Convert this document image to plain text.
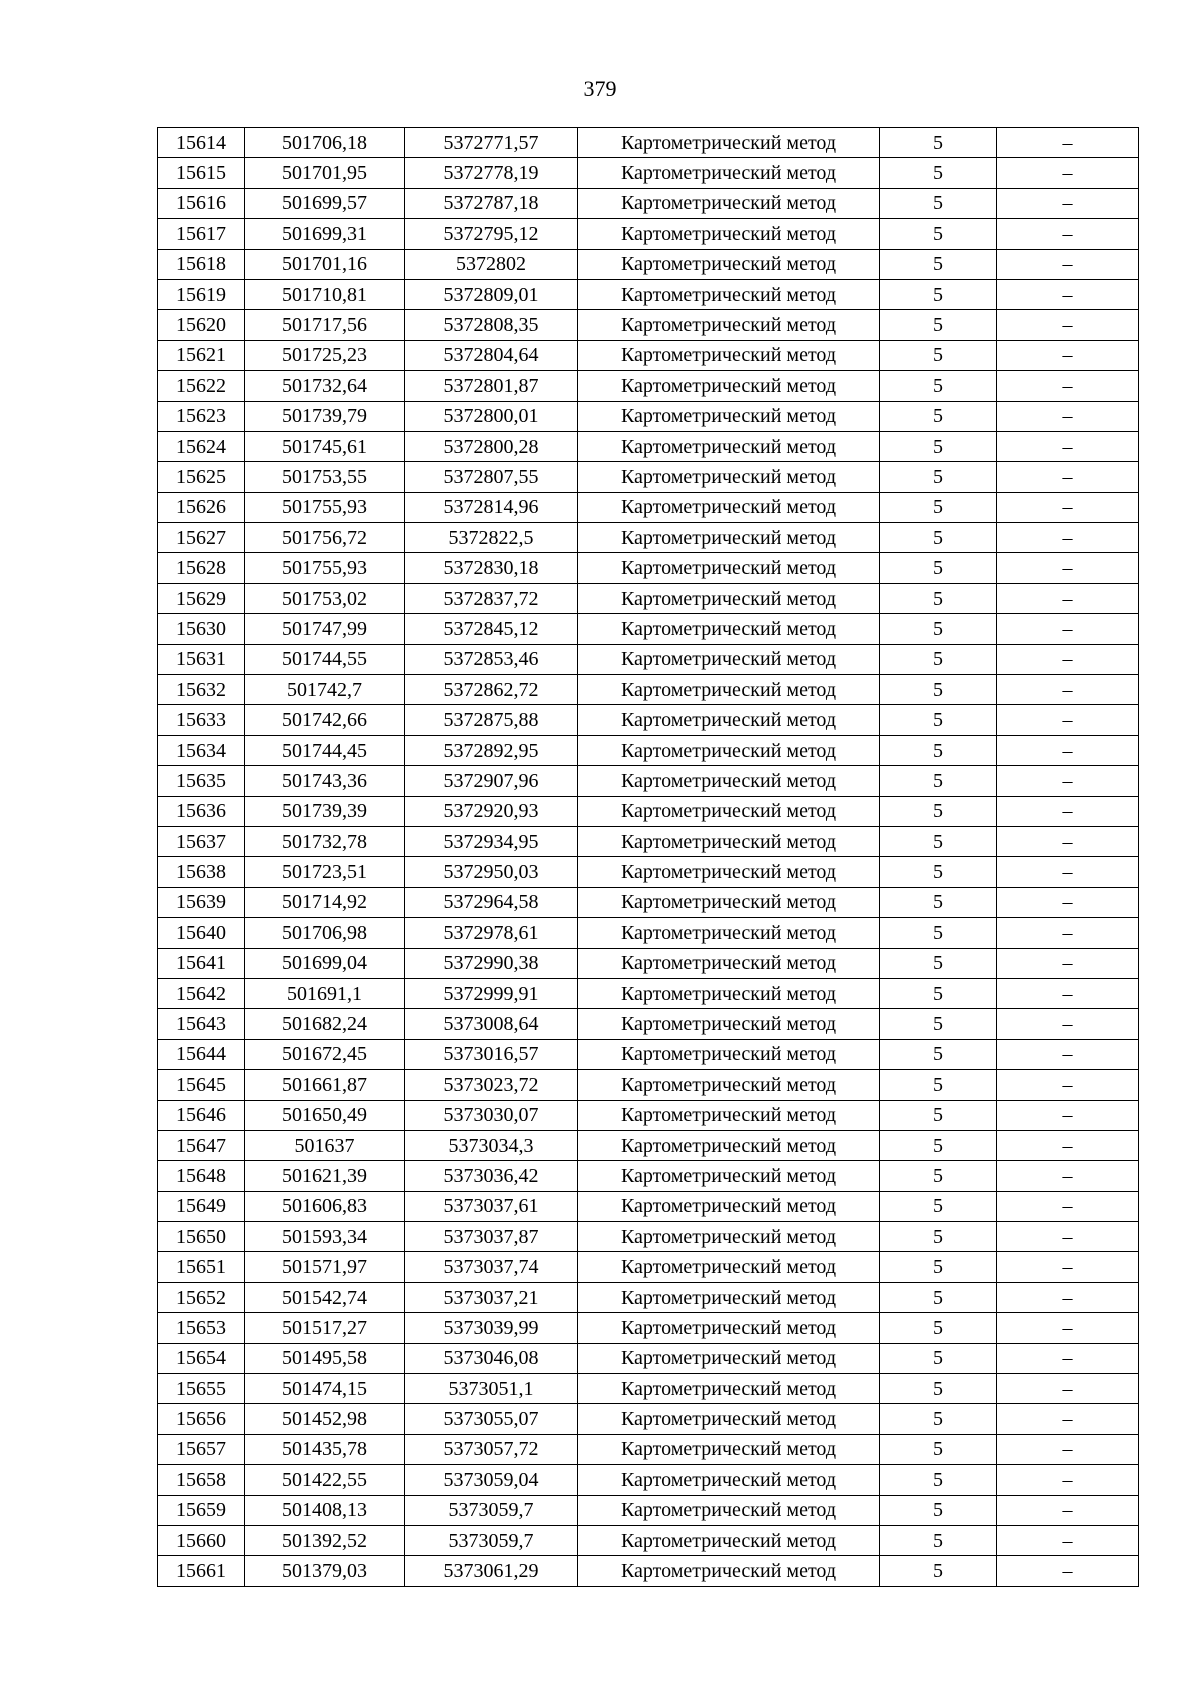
379
15614	501706,18	5372771,57	Картометрический метод	5	–
15615	501701,95	5372778,19	Картометрический метод	5	–
15616	501699,57	5372787,18	Картометрический метод	5	–
15617	501699,31	5372795,12	Картометрический метод	5	–
15618	501701,16	5372802	Картометрический метод	5	–
15619	501710,81	5372809,01	Картометрический метод	5	–
15620	501717,56	5372808,35	Картометрический метод	5	–
15621	501725,23	5372804,64	Картометрический метод	5	–
15622	501732,64	5372801,87	Картометрический метод	5	–
15623	501739,79	5372800,01	Картометрический метод	5	–
15624	501745,61	5372800,28	Картометрический метод	5	–
15625	501753,55	5372807,55	Картометрический метод	5	–
15626	501755,93	5372814,96	Картометрический метод	5	–
15627	501756,72	5372822,5	Картометрический метод	5	–
15628	501755,93	5372830,18	Картометрический метод	5	–
15629	501753,02	5372837,72	Картометрический метод	5	–
15630	501747,99	5372845,12	Картометрический метод	5	–
15631	501744,55	5372853,46	Картометрический метод	5	–
15632	501742,7	5372862,72	Картометрический метод	5	–
15633	501742,66	5372875,88	Картометрический метод	5	–
15634	501744,45	5372892,95	Картометрический метод	5	–
15635	501743,36	5372907,96	Картометрический метод	5	–
15636	501739,39	5372920,93	Картометрический метод	5	–
15637	501732,78	5372934,95	Картометрический метод	5	–
15638	501723,51	5372950,03	Картометрический метод	5	–
15639	501714,92	5372964,58	Картометрический метод	5	–
15640	501706,98	5372978,61	Картометрический метод	5	–
15641	501699,04	5372990,38	Картометрический метод	5	–
15642	501691,1	5372999,91	Картометрический метод	5	–
15643	501682,24	5373008,64	Картометрический метод	5	–
15644	501672,45	5373016,57	Картометрический метод	5	–
15645	501661,87	5373023,72	Картометрический метод	5	–
15646	501650,49	5373030,07	Картометрический метод	5	–
15647	501637	5373034,3	Картометрический метод	5	–
15648	501621,39	5373036,42	Картометрический метод	5	–
15649	501606,83	5373037,61	Картометрический метод	5	–
15650	501593,34	5373037,87	Картометрический метод	5	–
15651	501571,97	5373037,74	Картометрический метод	5	–
15652	501542,74	5373037,21	Картометрический метод	5	–
15653	501517,27	5373039,99	Картометрический метод	5	–
15654	501495,58	5373046,08	Картометрический метод	5	–
15655	501474,15	5373051,1	Картометрический метод	5	–
15656	501452,98	5373055,07	Картометрический метод	5	–
15657	501435,78	5373057,72	Картометрический метод	5	–
15658	501422,55	5373059,04	Картометрический метод	5	–
15659	501408,13	5373059,7	Картометрический метод	5	–
15660	501392,52	5373059,7	Картометрический метод	5	–
15661	501379,03	5373061,29	Картометрический метод	5	–
